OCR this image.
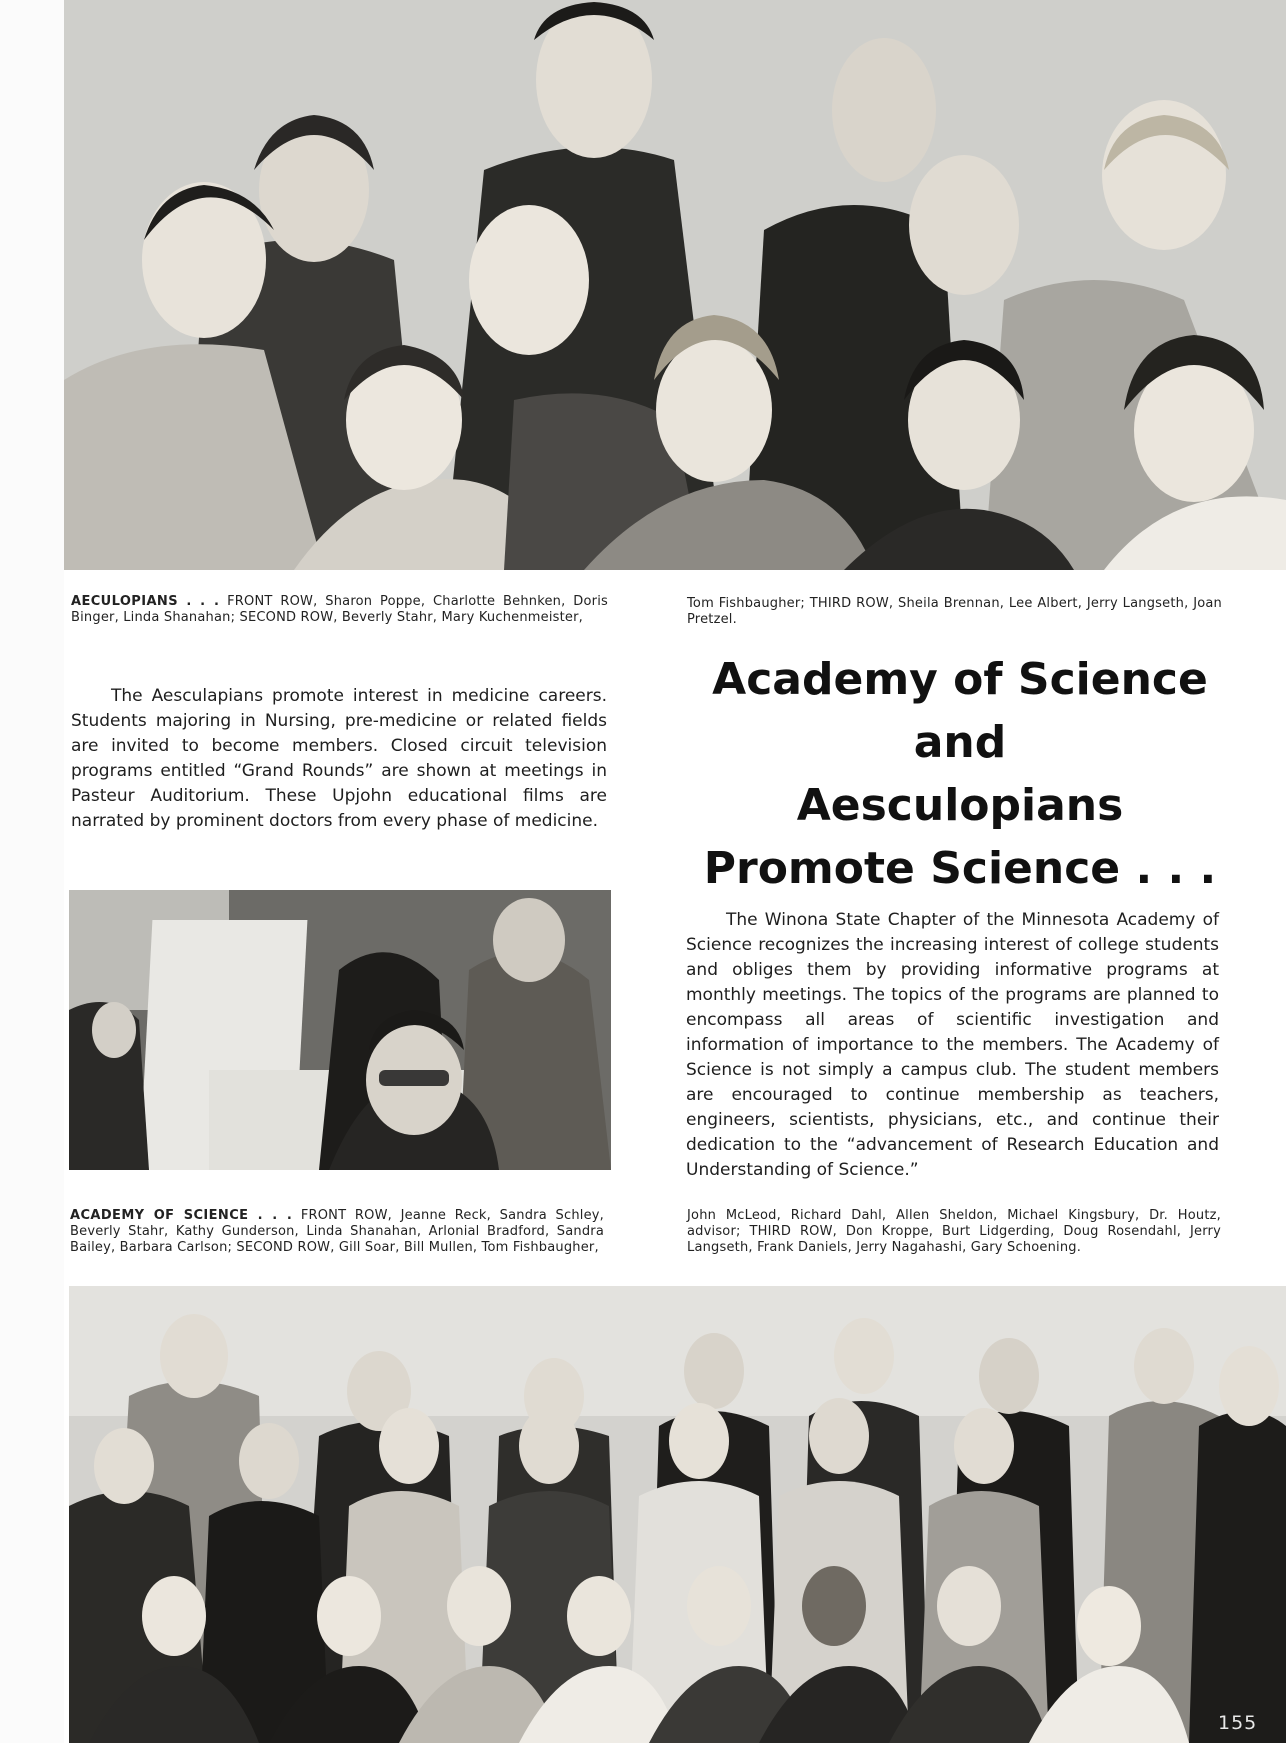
AECULOPIANS . . . FRONT ROW, Sharon Poppe, Charlotte Behnken, Doris Binger, Linda Shanahan; SECOND ROW, Beverly Stahr, Mary Kuchenmeister,
Tom Fishbaugher; THIRD ROW, Sheila Brennan, Lee Albert, Jerry Langseth, Joan Pretzel.
The Aesculapians promote interest in medicine careers. Students majoring in Nursing, pre-medicine or related fields are invited to become members. Closed circuit television programs entitled “Grand Rounds” are shown at meetings in Pasteur Auditorium. These Upjohn educational films are narrated by prominent doctors from every phase of medicine.
Academy of Science
and
Aesculopians
Promote Science . . .
The Winona State Chapter of the Minnesota Academy of Science recognizes the increasing interest of college students and obliges them by providing informative programs at monthly meetings. The topics of the programs are planned to encompass all areas of scientific investigation and information of importance to the members. The Academy of Science is not simply a campus club. The student members are encouraged to continue membership as teachers, engineers, scientists, physicians, etc., and continue their dedication to the “advancement of Research Education and Understanding of Science.”
ACADEMY OF SCIENCE . . . FRONT ROW, Jeanne Reck, Sandra Schley, Beverly Stahr, Kathy Gunderson, Linda Shanahan, Arlonial Bradford, Sandra Bailey, Barbara Carlson; SECOND ROW, Gill Soar, Bill Mullen, Tom Fishbaugher,
John McLeod, Richard Dahl, Allen Sheldon, Michael Kingsbury, Dr. Houtz, advisor; THIRD ROW, Don Kroppe, Burt Lidgerding, Doug Rosendahl, Jerry Langseth, Frank Daniels, Jerry Nagahashi, Gary Schoening.
155
